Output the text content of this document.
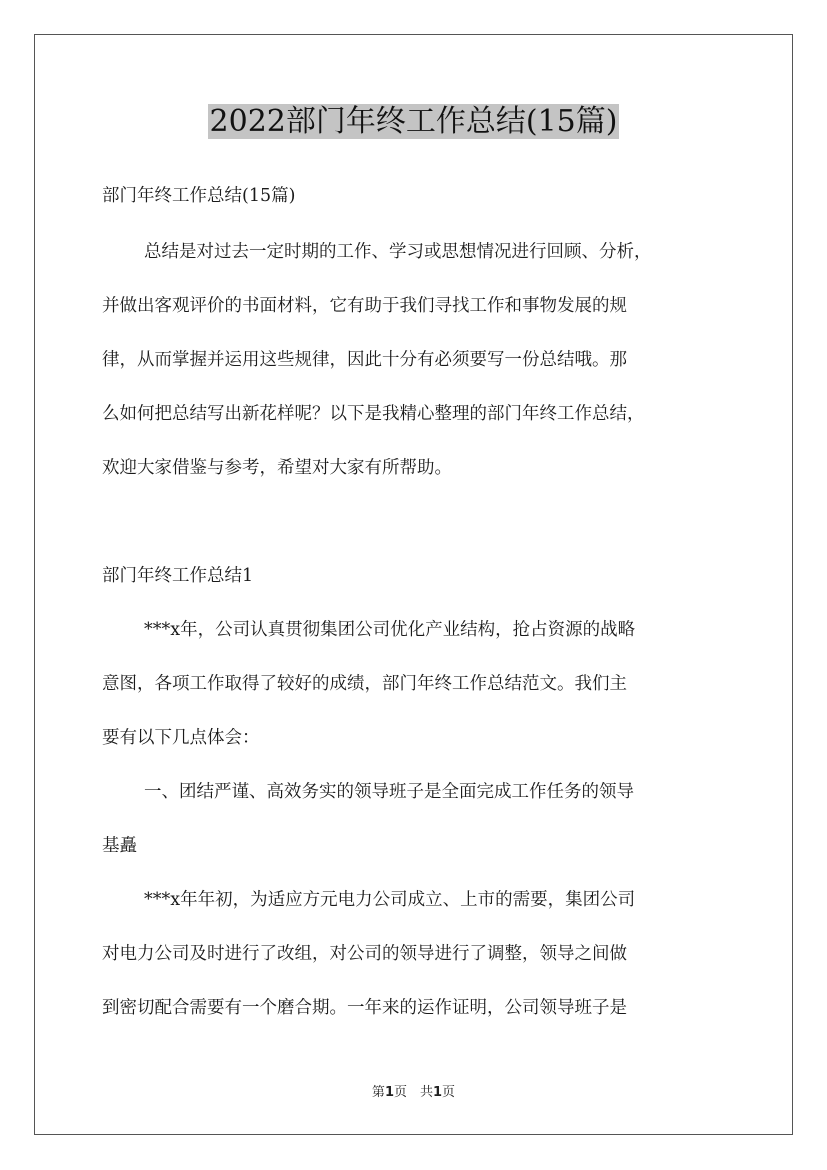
2022部门年终工作总结(15篇)
部门年终工作总结(15篇)
总结是对过去一定时期的工作、学习或思想情况进行回顾、分析，
并做出客观评价的书面材料，它有助于我们寻找工作和事物发展的规
律，从而掌握并运用这些规律，因此十分有必须要写一份总结哦。那
么如何把总结写出新花样呢？以下是我精心整理的部门年终工作总结，
欢迎大家借鉴与参考，希望对大家有所帮助。
部门年终工作总结1
***x年，公司认真贯彻集团公司优化产业结构，抢占资源的战略
意图，各项工作取得了较好的成绩，部门年终工作总结范文。我们主
要有以下几点体会：
一、团结严谨、高效务实的领导班子是全面完成工作任务的领导
基矗
***x年年初，为适应方元电力公司成立、上市的需要，集团公司
对电力公司及时进行了改组，对公司的领导进行了调整，领导之间做
到密切配合需要有一个磨合期。一年来的运作证明，公司领导班子是
第1页　共1页
